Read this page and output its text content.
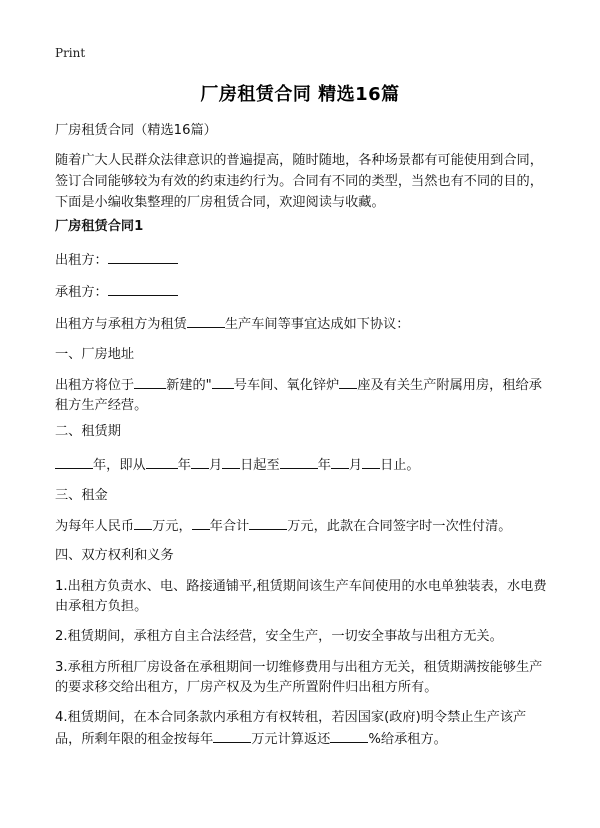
Print
厂房租赁合同 精选16篇
厂房租赁合同（精选16篇）
随着广大人民群众法律意识的普遍提高，随时随地，各种场景都有可能使用到合同，签订合同能够较为有效的约束违约行为。合同有不同的类型，当然也有不同的目的，下面是小编收集整理的厂房租赁合同，欢迎阅读与收藏。
厂房租赁合同1
出租方：
承租方：
出租方与承租方为租赁	生产车间等事宜达成如下协议：
一、厂房地址
出租方将位于 新建的" 号车间、氧化锌炉 座及有关生产附属用房，租给承租方生产经营。
二、租赁期
年，即从 年 月 日起至	年 月 日止。
三、租金
为每年人民币 万元， 年合计	万元，此款在合同签字时一次性付清。
四、双方权利和义务
1.出租方负责水、电、路接通铺平,租赁期间该生产车间使用的水电单独装表，水电费由承租方负担。
2.租赁期间，承租方自主合法经营，安全生产，一切安全事故与出租方无关。
3.承租方所租厂房设备在承租期间一切维修费用与出租方无关，租赁期满按能够生产的要求移交给出租方，厂房产权及为生产所置附件归出租方所有。
4.租赁期间，在本合同条款内承租方有权转租，若因国家(政府)明令禁止生产该产品，所剩年限的租金按每年	万元计算返还	%给承租方。
